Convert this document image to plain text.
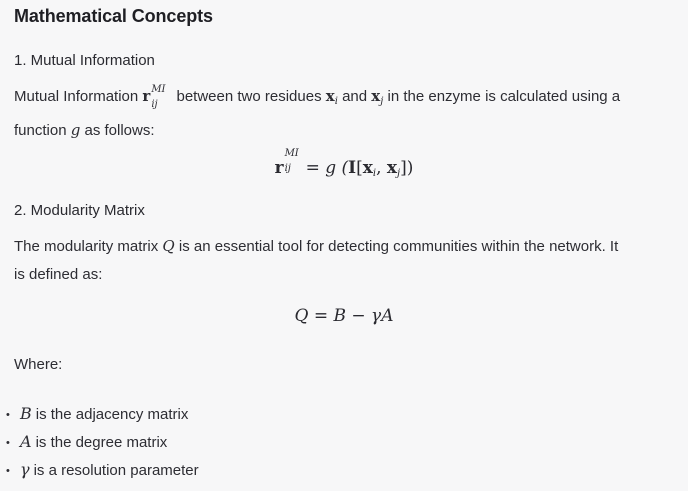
Mathematical Concepts
1. Mutual Information
Mutual Information r MI
ij between two residues $x_i$ and $x_j$ in the enzyme is calculated using a
function g as follows:
r
MI
ij = g (I[xi, xj])
2. Modularity Matrix
The modularity matrix Q is an essential tool for detecting communities within the network. It
is defined as:
Q = B − γA
Where:
• B is the adjacency matrix
• A is the degree matrix
• γ is a resolution parameter
